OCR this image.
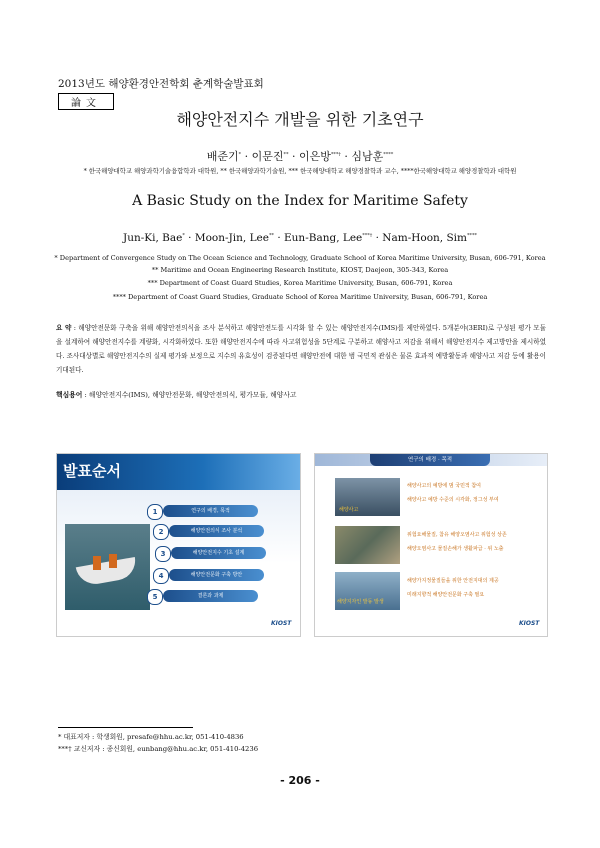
2013년도 해양환경안전학회 춘계학술발표회
論文
해양안전지수 개발을 위한 기초연구
배준기* · 이문진** · 이은방***† · 심남훈****
* 한국해양대학교 해양과학기술융합학과 대학원, ** 한국해양과학기술원, *** 한국해양대학교 해양경찰학과 교수, ****한국해양대학교 해양경찰학과 대학원
A Basic Study on the Index for Maritime Safety
Jun-Ki, Bae* · Moon-Jin, Lee** · Eun-Bang, Lee***† · Nam-Hoon, Sim****
* Department of Convergence Study on The Ocean Science and Technology, Graduate School of Korea Maritime University, Busan, 606-791, Korea
** Maritime and Ocean Engineering Research Institute, KIOST, Daejeon, 305-343, Korea
*** Department of Coast Guard Studies, Korea Maritime University, Busan, 606-791, Korea
**** Department of Coast Guard Studies, Graduate School of Korea Maritime University, Busan, 606-791, Korea
요 약 : 해양안전문화 구축을 위해 해양안전의식을 조사 분석하고 해양안전도를 시각화 할 수 있는 해양안전지수(IMS)를 제안하였다. 5개분야(3ERI)로 구성된 평가 모듈을 설계하여 해양안전지수를 계량화, 시각화하였다. 또한 해양안전지수에 따라 사고위험성을 5단계로 구분하고 해양사고 저감을 위해서 해양안전지수 제고방안을 제시하였다. 조사대상별로 해양안전지수의 실제 평가와 보정으로 지수의 유효성이 검증된다면 해양안전에 대한 범 국민적 관심은 물론 효과적 예방활동과 해양사고 저감 등에 활용이 기대된다.
핵심용어 : 해양안전지수(IMS), 해양안전문화, 해양안전의식, 평가모듈, 해양사고
발표순서
1	연구의 배경, 목적
2	해양안전의식 조사 분석
3	해양안전지수 기초 설계
4	해양안전문화 구축 방안
5	결론과 과제
KIOST
연구의 배경 · 목적
해양사고
해양사고의 예방에 범 국민적 참여
해양사고 예방 수준의 시각화, 정그성 부여
위험요해물질, 참유 해양오염사고 위험성 상존
해양오염사고 물질손해가 생활파급 · 위 노출
해양지자인 발동 발생
해양가지정물질들을 위한 안전지대의 제공
미래지향적 해양안전문화 구축 필요
KIOST
* 대표저자 : 학생회원, presafe@hhu.ac.kr, 051-410-4836
***† 교신저자 : 종신회원, eunbang@hhu.ac.kr, 051-410-4236
- 206 -
